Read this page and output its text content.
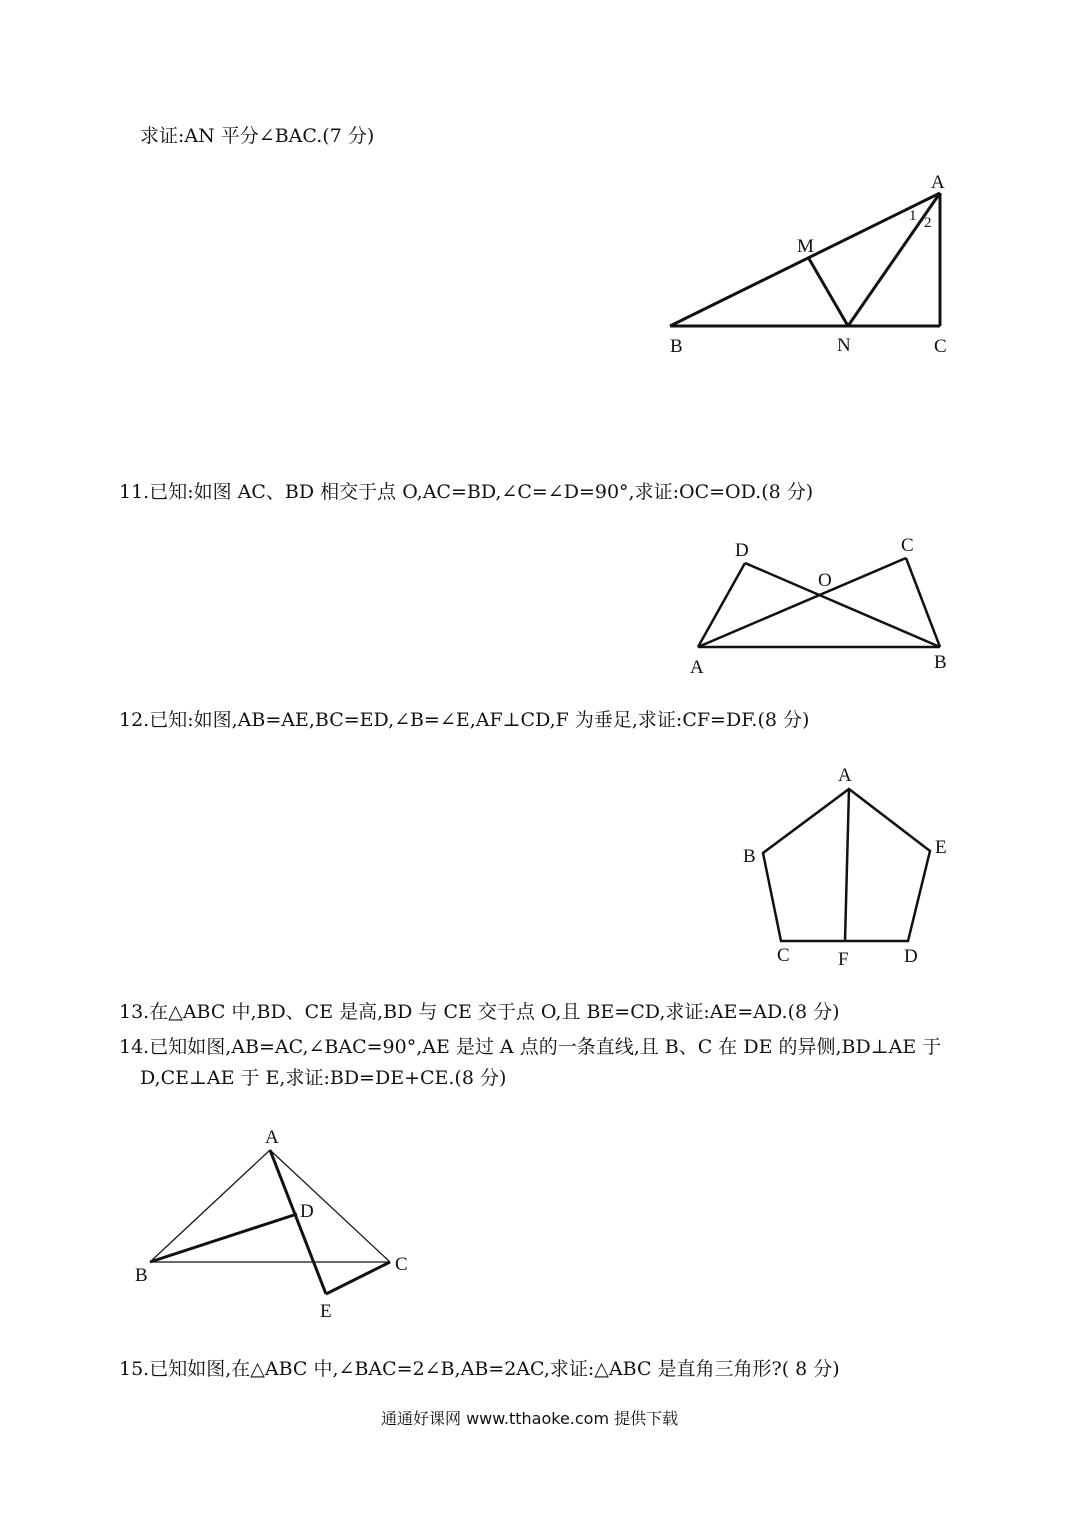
求证:AN 平分∠BAC.(7 分)
A
B	C
M
N
1 2
11.已知:如图 AC、BD 相交于点 O,AC=BD,∠C=∠D=90°,求证:OC=OD.(8 分)
D	C
O
A	B
12.已知:如图,AB=AE,BC=ED,∠B=∠E,AF⊥CD,F 为垂足,求证:CF=DF.(8 分)
A
B	E
C	F	D
13.在△ABC 中,BD、CE 是高,BD 与 CE 交于点 O,且 BE=CD,求证:AE=AD.(8 分)
14.已知如图,AB=AC,∠BAC=90°,AE 是过 A 点的一条直线,且 B、C 在 DE 的异侧,BD⊥AE 于
D,CE⊥AE 于 E,求证:BD=DE+CE.(8 分)
A
D
B
C
E
15.已知如图,在△ABC 中,∠BAC=2∠B,AB=2AC,求证:△ABC 是直角三角形?( 8 分)
通通好课网 www.tthaoke.com 提供下载
